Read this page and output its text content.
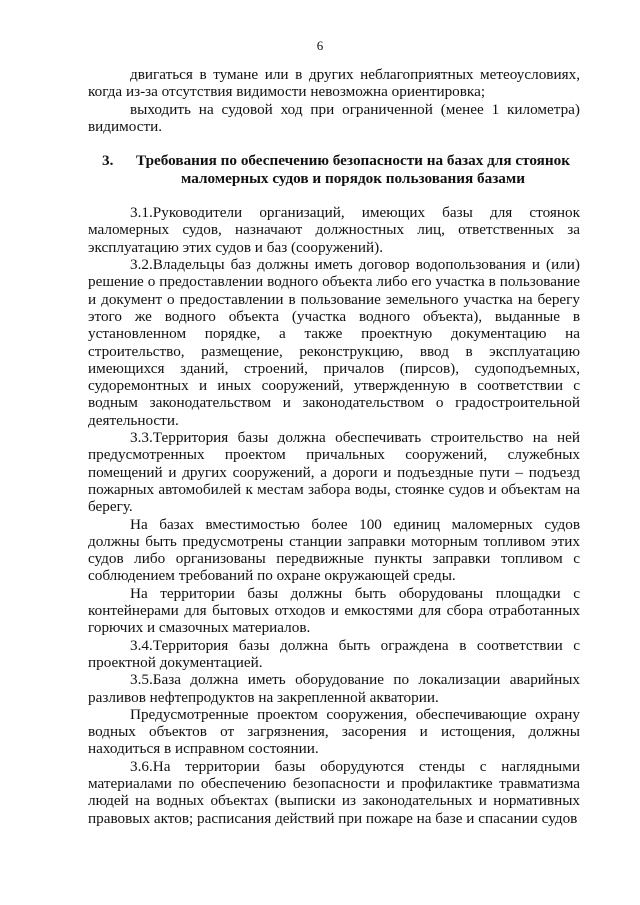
6

двигаться в тумане или в других неблагоприятных метеоусловиях, когда из-за отсутствия видимости невозможна ориентировка;

выходить на судовой ход при ограниченной (менее 1 километра) видимости.

3.	Требования по обеспечению безопасности на базах для стоянок маломерных судов и порядок пользования базами

3.1.Руководители организаций, имеющих базы для стоянок маломерных судов, назначают должностных лиц, ответственных за эксплуатацию этих судов и баз (сооружений).

3.2.Владельцы баз должны иметь договор водопользования и (или) решение о предоставлении водного объекта либо его участка в пользование и документ о предоставлении в пользование земельного участка на берегу этого же водного объекта (участка водного объекта), выданные в установленном порядке, а также проектную документацию на строительство, размещение, реконструкцию, ввод в эксплуатацию имеющихся зданий, строений, причалов (пирсов), судоподъемных, судоремонтных и иных сооружений, утвержденную в соответствии с водным законодательством и законодательством о градостроительной деятельности.

3.3.Территория базы должна обеспечивать строительство на ней предусмотренных проектом причальных сооружений, служебных помещений и других сооружений, а дороги и подъездные пути – подъезд пожарных автомобилей к местам забора воды, стоянке судов и объектам на берегу.

На базах вместимостью более 100 единиц маломерных судов должны быть предусмотрены станции заправки моторным топливом этих судов либо организованы передвижные пункты заправки топливом с соблюдением требований по охране окружающей среды.

На территории базы должны быть оборудованы площадки с контейнерами для бытовых отходов и емкостями для сбора отработанных горючих и смазочных материалов.

3.4.Территория базы должна быть ограждена в соответствии с проектной документацией.

3.5.База должна иметь оборудование по локализации аварийных разливов нефтепродуктов на закрепленной акватории.

Предусмотренные проектом сооружения, обеспечивающие охрану водных объектов от загрязнения, засорения и истощения, должны находиться в исправном состоянии.

3.6.На территории базы оборудуются стенды с наглядными материалами по обеспечению безопасности и профилактике травматизма людей на водных объектах (выписки из законодательных и нормативных правовых актов; расписания действий при пожаре на базе и спасании судов
